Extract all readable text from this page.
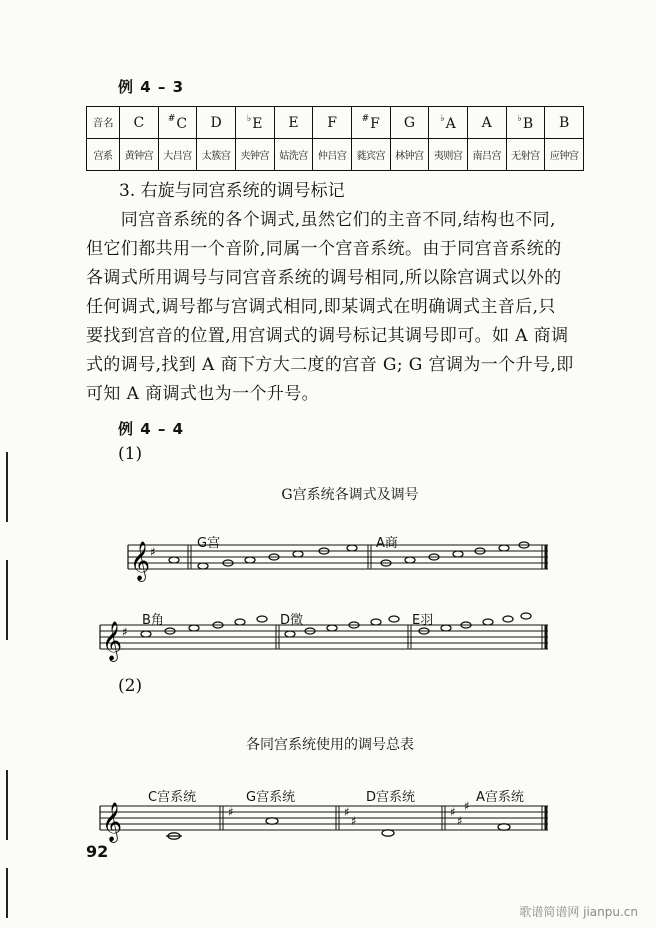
例 4 – 3
音名	C	#C	D	♭E	E	F	#F	G	♭A	A	♭B	B
宫系	黄钟宫	大吕宫	太簇宫	夹钟宫	姑洗宫	仲吕宫	蕤宾宫	林钟宫	夷则宫	南吕宫	无射宫	应钟宫
3. 右旋与同宫系统的调号标记
　　同宫音系统的各个调式,虽然它们的主音不同,结构也不同,
但它们都共用一个音阶,同属一个宫音系统。由于同宫音系统的
各调式所用调号与同宫音系统的调号相同,所以除宫调式以外的
任何调式,调号都与宫调式相同,即某调式在明确调式主音后,只
要找到宫音的位置,用宫调式的调号标记其调号即可。如 A 商调
式的调号,找到 A 商下方大二度的宫音 G; G 宫调为一个升号,即
可知 A 商调式也为一个升号。
例 4 – 4
(1)
G宫系统各调式及调号
𝄞 ♯
G宫	A商
𝄞 ♯
B角	D徵	E羽
(2)
各同宫系统使用的调号总表
𝄞	♯	♯
♯
♯
♯
♯
C宫系统	G宫系统	D宫系统	A宫系统
92
歌谱简谱网 jianpu.cn
